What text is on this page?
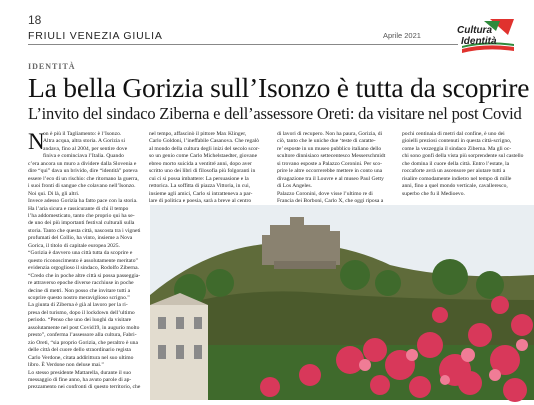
18
FRIULI VENEZIA GIULIA	Aprile 2021	Cultura
Identità
IDENTITÀ
La bella Gorizia sull’Isonzo è tutta da scoprire
L’invito del sindaco Ziberna e dell’assessore Oreti: da visitare nel post Covid
N
on è più il Tagliamento: è l’Isonzo.
Altra acqua, altra storia. A Gorizia si
andava, fino al 2004, per sentire dove
finiva e cominciava l’Italia. Quando
c’era ancora un muro a dividere dalla Slovenia e
dire “qui” dava un brivido, dire “identità” poteva
essere l’eco di un rischio: che ritornano la guerra,
i suoi fronti di sangue che colavano nell’Isonzo.
Noi qui. Di là, gli altri.
Invece adesso Gorizia ha fatto pace con la storia.
Ha l’aria sicura e rassicurante di chi il tempo
l’ha addomesticato, tanto che proprio qui ha se-
de uno dei più importanti festival culturali sulla
storia. Tanto che questa città, nascosta tra i vigneti
profumati del Collio, ha vinto, insieme a Nova
Gorica, il titolo di capitale europea 2025.
“Gorizia è davvero una città tutta da scoprire e
questo riconoscimento è assolutamente meritato”
evidenzia orgoglioso il sindaco, Rodolfo Ziberna.
“Credo che in poche altre città si possa passeggia-
re attraverso epoche diverse racchiuse in poche
decine di metri. Non posso che invitare tutti a
scoprire questo nostro meraviglioso scrigno.”
La giunta di Ziberna è già al lavoro per la ri-
presa del turismo, dopo il lockdown dell’ultimo
periodo. “Penso che uno dei luoghi da visitare
assolutamente nel post Covid19, in augurio molto
presto”, conferma l’assessore alla cultura, Fabri-
zio Oreti, “sia proprio Gorizia, che peraltro è una
delle città del cuore dello straordinario regista
Carlo Verdone, citata addirittura nel suo ultimo
libro. È Verdone non deluse mai.”
Lo stesso presidente Mattarella, durante il suo
messaggio di fine anno, ha avuto parole di ap-
prezzamento nei confronti di questo territorio, che
nel tempo, affascinò il pittore Max Klinger,
Carlo Goldoni, l’ineffabile Casanova. Che regalò
al mondo della cultura degli inizi del secolo scor-
so un genio come Carlo Michelstaedter, giovane
ebreo morto suicida a ventitré anni, dopo aver
scritto uno dei libri di filosofia più folgoranti in
cui ci si possa imbattere: La persuasione e la
rettorica. La soffitta di piazza Vittoria, in cui,
insieme agli amici, Carlo si intratteneva a par-
lare di politica e poesia, sarà a breve al centro
di lavori di recupero. Non ha paura, Gorizia, di
ciò, tanto che le uniche due ‘teste di caratte-
re’ esposte in un museo pubblico italiano dello
scultore dinnisiaco settecentesco Messerschmidt
si trovano esposte a Palazzo Coronini. Per sco-
prire le altre occorrerebbe mettere in conto una
divagazione tra il Louvre e al museo Paul Getty
di Los Angeles.
Palazzo Coronini, dove visse l’ultimo re di
Francia dei Borboni, Carlo X, che oggi riposa a
pochi centinaia di metri dal confine, è uno dei
gioielli preziosi contenuti in questa città-scrigno,
come la vezzeggia il sindaco Ziberna. Ma gli oc-
chi sono gonfi della vista più sorprendente sul castello
che domina il cuore della città. Entro l’estate, la
roccaforte avrà un ascensore per aiutare tutti a
risalire comodamente indietro nel tempo di mille
anni, fino a quel mondo verticale, cavalleresco,
superbo che fu il Medioevo.
